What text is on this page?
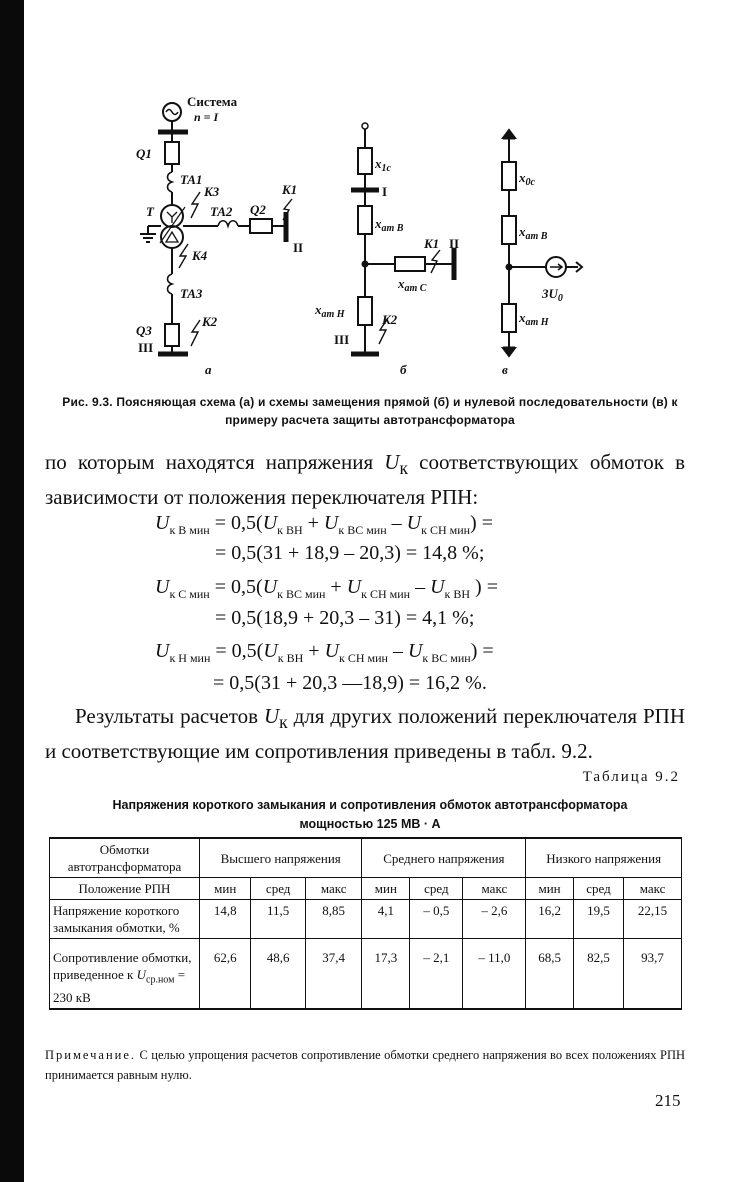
Система
n = I
Q1
TA1
K3
T	TA2 Q2
K1
II
K4
TA3
Q3
K2
III
а
$x_{1с}$
I
$x_{ат В}$
K1 II
$x_{ат С}$
$x_{ат Н}$
III
K2
б
$x_{0с}$
$x_{ат В}$
$3U_0$
$x_{ат Н}$
в
Рис. 9.3. Поясняющая схема (а) и схемы замещения прямой (б) и нулевой последовательности (в) к примеру расчета защиты автотрансформатора
по которым находятся напряжения $U_к$ соответствующих обмоток в зависимости от положения переключателя РПН:
$U_{к В мин} = 0,5(U_{к ВН} + U_{к ВС мин} - U_{к СН мин})$ =
= 0,5(31 + 18,9 – 20,3) = 14,8 %;
$U_{к С мин} = 0,5(U_{к ВС мин} + U_{к СН мин} - U_{к ВН}$ ) =
= 0,5(18,9 + 20,3 – 31) = 4,1 %;
$U_{к Н мин} = 0,5(U_{к ВН} + U_{к СН мин} - U_{к ВС мин})$ =
= 0,5(31 + 20,3 —18,9) = 16,2 %.
Результаты расчетов $U_к$ для других положений переключателя РПН и соответствующие им сопротивления приведены в табл. 9.2.
Таблица 9.2
Напряжения короткого замыкания и сопротивления обмоток автотрансформатора
мощностью 125 МВ · А
Обмотки автотрансформатора	Высшего напряжения			Среднего напряжения			Низкого напряжения		
Положение РПН	мин	сред	макс	мин	сред	макс	мин	сред	макс
Напряжение короткого замыкания обмотки, %	14,8	11,5	8,85	4,1	– 0,5	– 2,6	16,2	19,5	22,15
Сопротивление обмотки, приведенное к $U_{ср.ном} = 230$ кВ	62,6	48,6	37,4	17,3	– 2,1	– 11,0	68,5	82,5	93,7
Примечание. С целью упрощения расчетов сопротивление обмотки среднего напряжения во всех положениях РПН принимается равным нулю.
215
